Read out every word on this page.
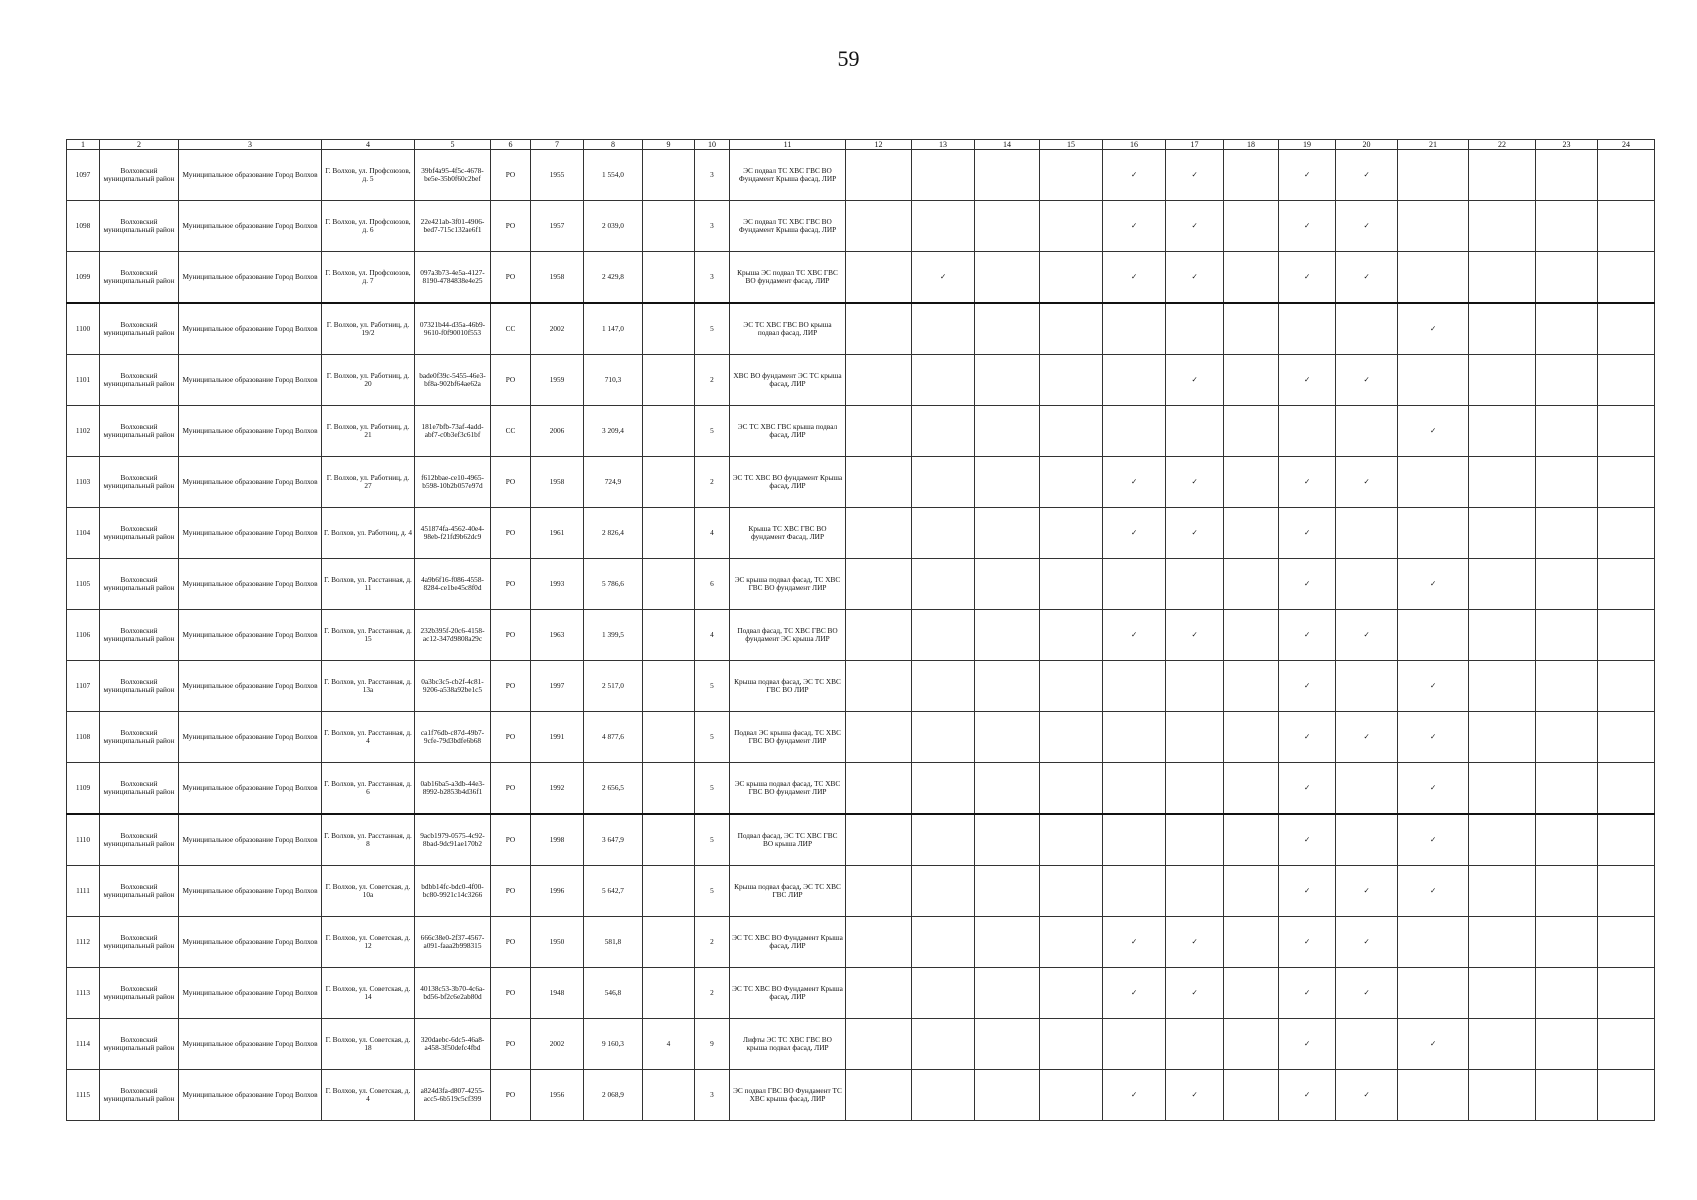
59
1	2	3	4	5	6	7	8	9	10	11	12	13	14	15	16	17	18	19	20	21	22	23	24
1097	Волховский муниципальный район	Муниципальное образование Город Волхов	Г. Волхов, ул. Профсоюзов, д. 5	39bf4a95-4f5c-4678-be5e-35b0f60c2bef	РО	1955	1 554,0		3	ЭС подвал ТС ХВС ГВС ВО Фундамент Крыша фасад, ЛИР					✓	✓		✓	✓				
1098	Волховский муниципальный район	Муниципальное образование Город Волхов	Г. Волхов, ул. Профсоюзов, д. 6	22e421ab-3f01-4906-bed7-715c132ae6f1	РО	1957	2 039,0		3	ЭС подвал ТС ХВС ГВС ВО Фундамент Крыша фасад, ЛИР					✓	✓		✓	✓				
1099	Волховский муниципальный район	Муниципальное образование Город Волхов	Г. Волхов, ул. Профсоюзов, д. 7	097a3b73-4e5a-4127-8190-4784838e4e25	РО	1958	2 429,8		3	Крыша ЭС подвал ТС ХВС ГВС ВО фундамент фасад, ЛИР		✓			✓	✓		✓	✓				
1100	Волховский муниципальный район	Муниципальное образование Город Волхов	Г. Волхов, ул. Работниц, д. 19/2	07321b44-d35a-46b9-9610-f0f90010f553	СС	2002	1 147,0		5	ЭС ТС ХВС ГВС ВО крыша подвал фасад, ЛИР										✓			
1101	Волховский муниципальный район	Муниципальное образование Город Волхов	Г. Волхов, ул. Работниц, д. 20	bade0f39c-5455-46e3-bf8a-902bf64ae62a	РО	1959	710,3		2	ХВС ВО фундамент ЭС ТС крыша фасад, ЛИР						✓		✓	✓				
1102	Волховский муниципальный район	Муниципальное образование Город Волхов	Г. Волхов, ул. Работниц, д. 21	181e7bfb-73af-4add-abf7-c0b3ef3c61bf	СС	2006	3 209,4		5	ЭС ТС ХВС ГВС крыша подвал фасад, ЛИР										✓			
1103	Волховский муниципальный район	Муниципальное образование Город Волхов	Г. Волхов, ул. Работниц, д. 27	f612bbae-ce10-4965-b598-10b2b057e97d	РО	1958	724,9		2	ЭС ТС ХВС ВО фундамент Крыша фасад, ЛИР					✓	✓		✓	✓				
1104	Волховский муниципальный район	Муниципальное образование Город Волхов	Г. Волхов, ул. Работниц, д. 4	451874fa-4562-40e4-98eb-f21fd9b62dc9	РО	1961	2 826,4		4	Крыша ТС ХВС ГВС ВО фундамент Фасад, ЛИР					✓	✓		✓					
1105	Волховский муниципальный район	Муниципальное образование Город Волхов	Г. Волхов, ул. Расстанная, д. 11	4a9b6f16-f086-4558-8284-ce1be45c8f0d	РО	1993	5 786,6		6	ЭС крыша подвал фасад, ТС ХВС ГВС ВО фундамент ЛИР								✓		✓			
1106	Волховский муниципальный район	Муниципальное образование Город Волхов	Г. Волхов, ул. Расстанная, д. 15	232b395f-20c6-4158-ac12-347d9808a29c	РО	1963	1 399,5		4	Подвал фасад, ТС ХВС ГВС ВО фундамент ЭС крыша ЛИР					✓	✓		✓	✓				
1107	Волховский муниципальный район	Муниципальное образование Город Волхов	Г. Волхов, ул. Расстанная, д. 13а	0a3bc3c5-cb2f-4c81-9206-a538a92be1c5	РО	1997	2 517,0		5	Крыша подвал фасад, ЭС ТС ХВС ГВС ВО ЛИР								✓		✓			
1108	Волховский муниципальный район	Муниципальное образование Город Волхов	Г. Волхов, ул. Расстанная, д. 4	ca1f76db-c87d-49b7-9cfe-79d3bdfe6b68	РО	1991	4 877,6		5	Подвал ЭС крыша фасад, ТС ХВС ГВС ВО фундамент ЛИР								✓	✓	✓			
1109	Волховский муниципальный район	Муниципальное образование Город Волхов	Г. Волхов, ул. Расстанная, д. 6	0ab16ba5-a3db-44e3-8992-b2853b4d36f1	РО	1992	2 656,5		5	ЭС крыша подвал фасад, ТС ХВС ГВС ВО фундамент ЛИР								✓		✓			
1110	Волховский муниципальный район	Муниципальное образование Город Волхов	Г. Волхов, ул. Расстанная, д. 8	9acb1979-0575-4c92-8bad-9dc91ae170b2	РО	1998	3 647,9		5	Подвал фасад, ЭС ТС ХВС ГВС ВО крыша ЛИР								✓		✓			
1111	Волховский муниципальный район	Муниципальное образование Город Волхов	Г. Волхов, ул. Советская, д. 10а	bdbb14fc-bdc0-4f00-bc80-9921c14c3266	РО	1996	5 642,7		5	Крыша подвал фасад, ЭС ТС ХВС ГВС ЛИР								✓	✓	✓			
1112	Волховский муниципальный район	Муниципальное образование Город Волхов	Г. Волхов, ул. Советская, д. 12	666c38e0-2f37-4567-a091-faaa2b998315	РО	1950	581,8		2	ЭС ТС ХВС ВО Фундамент Крыша фасад, ЛИР					✓	✓		✓	✓				
1113	Волховский муниципальный район	Муниципальное образование Город Волхов	Г. Волхов, ул. Советская, д. 14	40138c53-3b70-4c6a-bd56-bf2c6e2ab80d	РО	1948	546,8		2	ЭС ТС ХВС ВО Фундамент Крыша фасад, ЛИР					✓	✓		✓	✓				
1114	Волховский муниципальный район	Муниципальное образование Город Волхов	Г. Волхов, ул. Советская, д. 18	320daebc-6dc5-46a8-a458-3f50defc4fbd	РО	2002	9 160,3	4	9	Лифты ЭС ТС ХВС ГВС ВО крыша подвал фасад, ЛИР								✓		✓			
1115	Волховский муниципальный район	Муниципальное образование Город Волхов	Г. Волхов, ул. Советская, д. 4	a824d3fa-d807-4255-acc5-6b519c5cf399	РО	1956	2 068,9		3	ЭС подвал ГВС ВО Фундамент ТС ХВС крыша фасад, ЛИР					✓	✓		✓	✓				
